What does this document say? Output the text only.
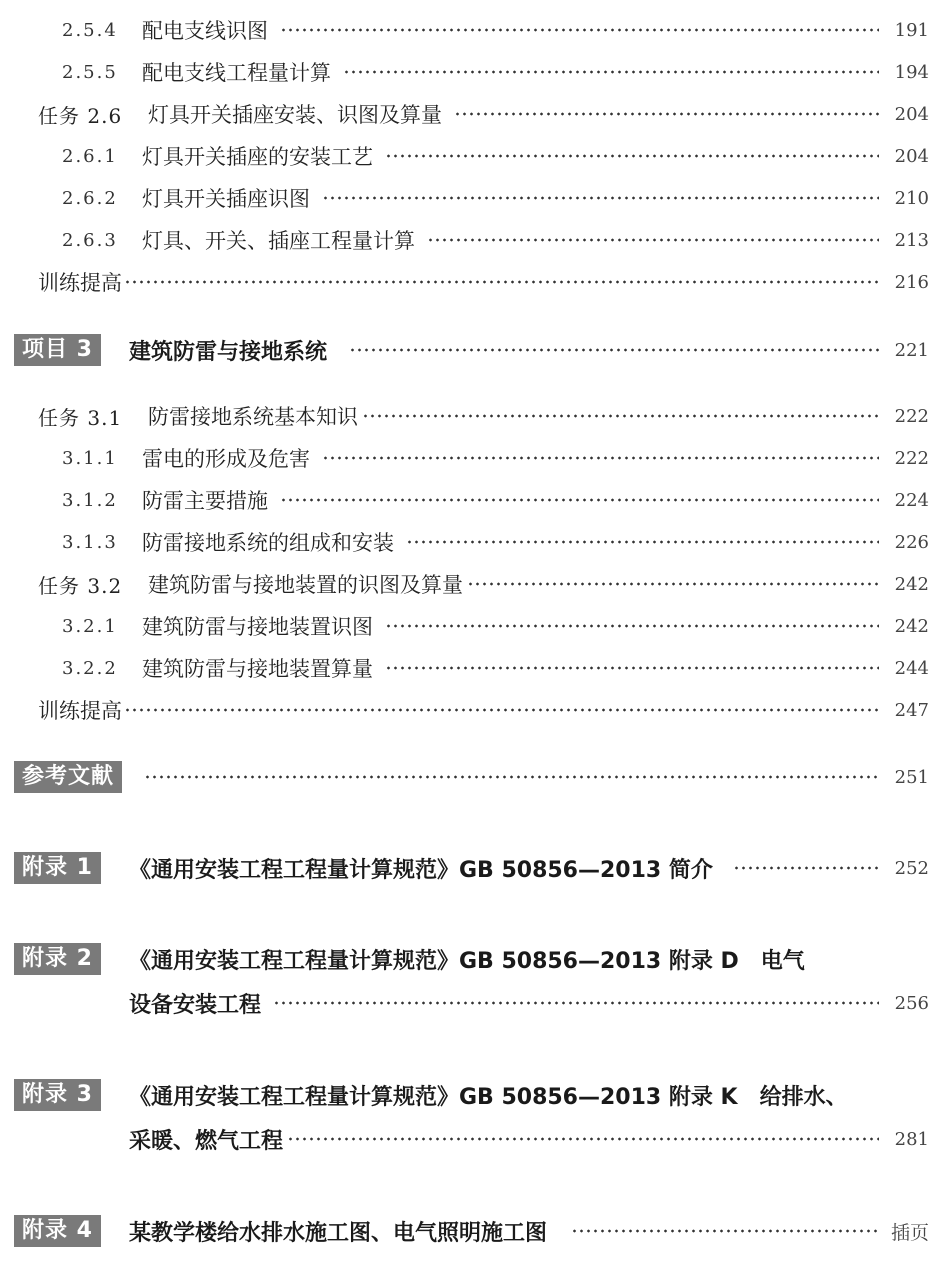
2.5.4	配电支线识图	191
2.5.5	配电支线工程量计算	194
任务 2.6	灯具开关插座安装、识图及算量	204
2.6.1	灯具开关插座的安装工艺	204
2.6.2	灯具开关插座识图	210
2.6.3	灯具、开关、插座工程量计算	213
训练提高	216
项目 3	建筑防雷与接地系统	221
任务 3.1	防雷接地系统基本知识	222
3.1.1	雷电的形成及危害	222
3.1.2	防雷主要措施	224
3.1.3	防雷接地系统的组成和安装	226
任务 3.2	建筑防雷与接地装置的识图及算量	242
3.2.1	建筑防雷与接地装置识图	242
3.2.2	建筑防雷与接地装置算量	244
训练提高	247
参考文献	251
附录 1	《通用安装工程工程量计算规范》GB 50856—2013 简介	252
附录 2	《通用安装工程工程量计算规范》GB 50856—2013 附录 D　电气
设备安装工程	256
附录 3	《通用安装工程工程量计算规范》GB 50856—2013 附录 K　给排水、
采暖、燃气工程	281
附录 4	某教学楼给水排水施工图、电气照明施工图	插页
